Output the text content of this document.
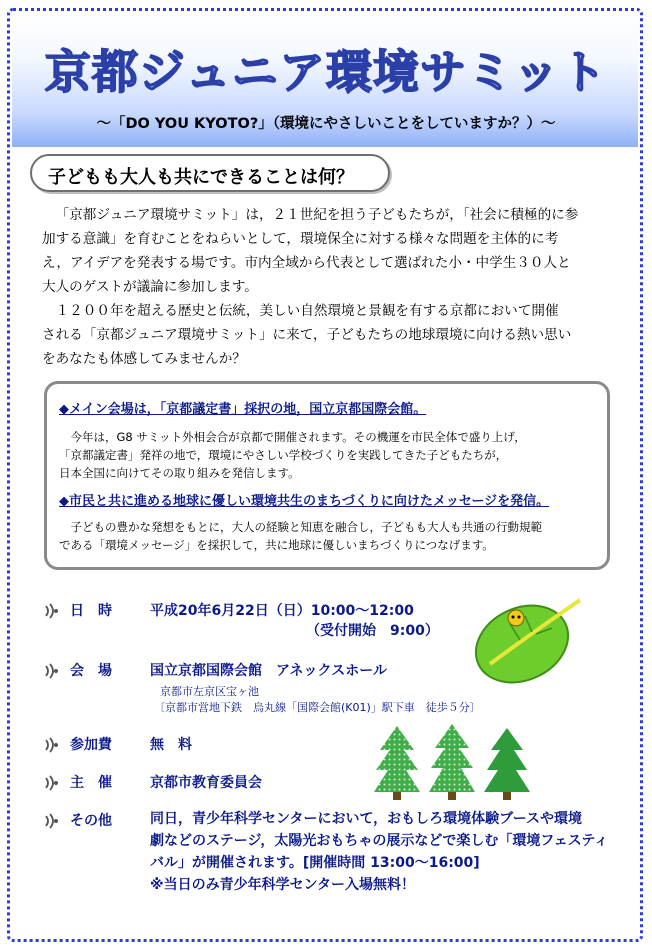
京都ジュニア環境サミット

〜「DO YOU KYOTO?」（環境にやさしいことをしていますか？）〜

子どもも大人も共にできることは何？

「京都ジュニア環境サミット」は，２１世紀を担う子どもたちが，「社会に積極的に参
加する意識」を育むことをねらいとして，環境保全に対する様々な問題を主体的に考
え，アイデアを発表する場です。市内全域から代表として選ばれた小・中学生３０人と
大人のゲストが議論に参加します。

１２００年を超える歴史と伝統，美しい自然環境と景観を有する京都において開催
される「京都ジュニア環境サミット」に来て，子どもたちの地球環境に向ける熱い思い
をあなたも体感してみませんか？

◆メイン会場は，「京都議定書」採択の地，国立京都国際会館。

今年は，G8 サミット外相会合が京都で開催されます。その機運を市民全体で盛り上げ，

「京都議定書」発祥の地で，環境にやさしい学校づくりを実践してきた子どもたちが，
日本全国に向けてその取り組みを発信します。
◆市民と共に進める地球に優しい環境共生のまちづくりに向けたメッセージを発信。

子どもの豊かな発想をもとに，大人の経験と知恵を融合し，子どもも大人も共通の行動規範

である「環境メッセージ」を採択して，共に地球に優しいまちづくりにつなげます。
日　時	平成20年6月22日（日）10:00〜12:00
（受付開始　9:00）
会　場	国立京都国際会館　アネックスホール
京都市左京区宝ヶ池
〔京都市営地下鉄　烏丸線「国際会館(K01)」駅下車　徒歩５分〕
参加費	無　料
主　催	京都市教育委員会
その他	同日，青少年科学センターにおいて，おもしろ環境体験ブースや環境
劇などのステージ，太陽光おもちゃの展示などで楽しむ「環境フェスティ
バル」が開催されます。[開催時間 13:00〜16:00]
※当日のみ青少年科学センター入場無料！
